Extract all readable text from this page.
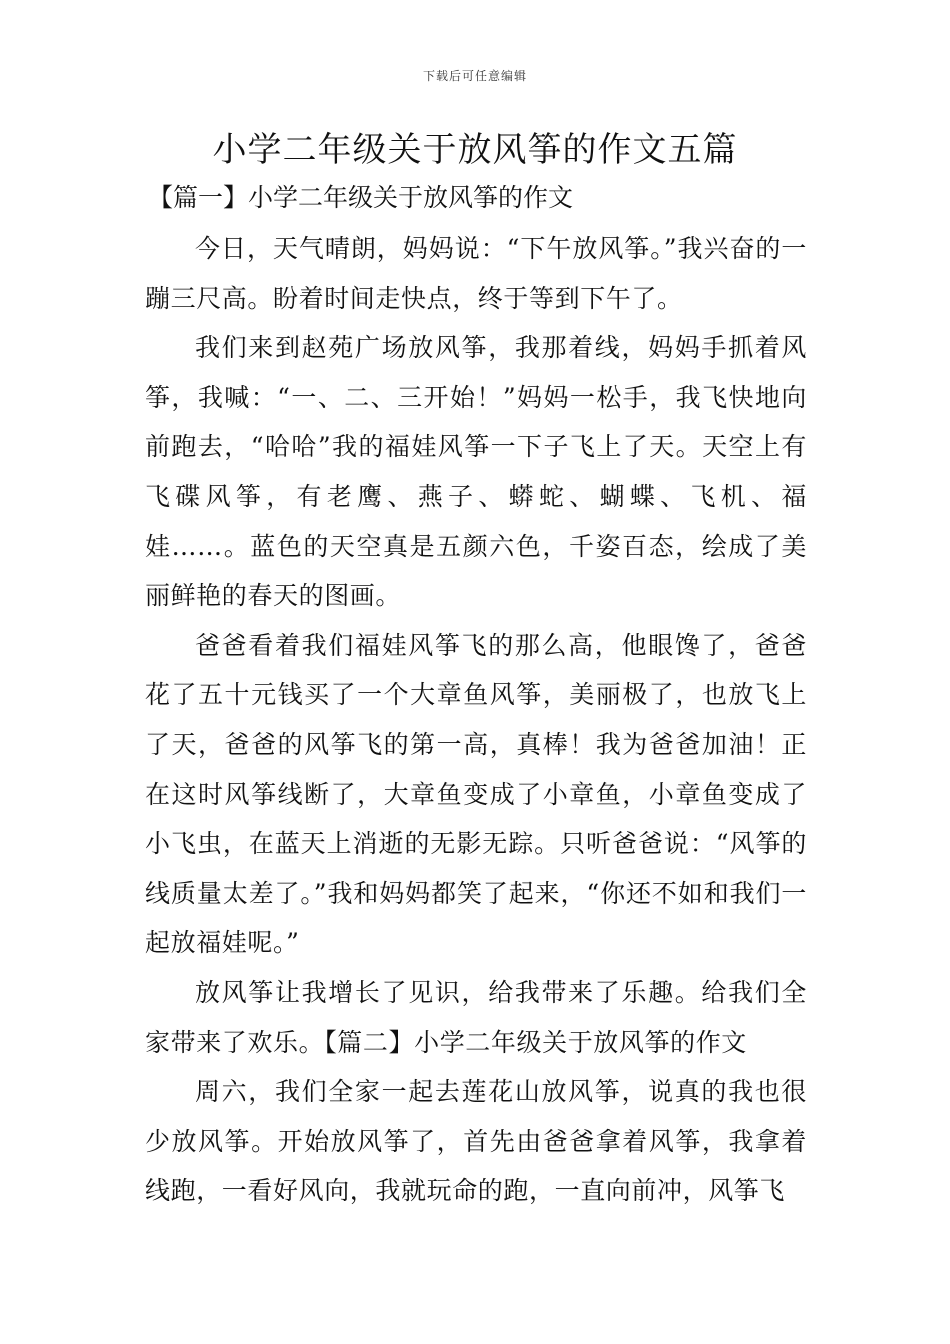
下载后可任意编辑
小学二年级关于放风筝的作文五篇

【篇一】小学二年级关于放风筝的作文

今日，天气晴朗，妈妈说：“下午放风筝。”我兴奋的一蹦三尺高。盼着时间走快点，终于等到下午了。

我们来到赵苑广场放风筝，我那着线，妈妈手抓着风筝，我喊：“一、二、三开始！”妈妈一松手，我飞快地向前跑去，“哈哈”我的福娃风筝一下子飞上了天。天空上有飞碟风筝，有老鹰、燕子、蟒蛇、蝴蝶、飞机、福娃……。蓝色的天空真是五颜六色，千姿百态，绘成了美丽鲜艳的春天的图画。

爸爸看着我们福娃风筝飞的那么高，他眼馋了，爸爸花了五十元钱买了一个大章鱼风筝，美丽极了，也放飞上了天，爸爸的风筝飞的第一高，真棒！我为爸爸加油！正在这时风筝线断了，大章鱼变成了小章鱼，小章鱼变成了小飞虫，在蓝天上消逝的无影无踪。只听爸爸说：“风筝的线质量太差了。”我和妈妈都笑了起来，“你还不如和我们一起放福娃呢。”

放风筝让我增长了见识，给我带来了乐趣。给我们全家带来了欢乐。【篇二】小学二年级关于放风筝的作文

周六，我们全家一起去莲花山放风筝，说真的我也很少放风筝。开始放风筝了，首先由爸爸拿着风筝，我拿着线跑，一看好风向，我就玩命的跑，一直向前冲，风筝飞
